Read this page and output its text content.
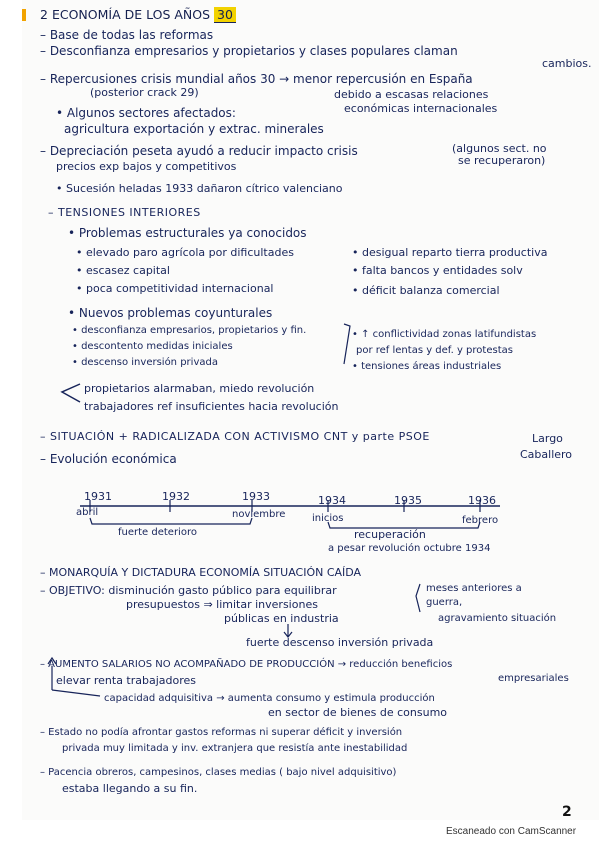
2 ECONOMÍA DE LOS AÑOS 30
– Base de todas las reformas
– Desconfianza empresarios y propietarios y clases populares claman
cambios.
– Repercusiones crisis mundial años 30 → menor repercusión en España
(posterior crack 29)	debido a escasas relaciones
económicas internacionales
• Algunos sectores afectados:
agricultura exportación y extrac. minerales
– Depreciación peseta ayudó a reducir impacto crisis	(algunos sect. no
precios exp bajos y competitivos	se recuperaron)
• Sucesión heladas 1933 dañaron cítrico valenciano
– TENSIONES INTERIORES
• Problemas estructurales ya conocidos
• elevado paro agrícola por dificultades	• desigual reparto tierra productiva
• escasez capital	• falta bancos y entidades solv
• poca competitividad internacional	• déficit balanza comercial
• Nuevos problemas coyunturales
• desconfianza empresarios, propietarios y fin.	• ↑ conflictividad zonas latifundistas
• descontento medidas iniciales	por ref lentas y def. y protestas
• descenso inversión privada	• tensiones áreas industriales
propietarios alarmaban, miedo revolución
trabajadores ref insuficientes hacia revolución
– SITUACIÓN + RADICALIZADA CON ACTIVISMO CNT y parte PSOE	Largo
– Evolución económica	Caballero
1931	1932	1933	1934	1935	1936
abril	noviembre	inicios	febrero
fuerte deterioro	recuperación
a pesar revolución octubre 1934
– MONARQUÍA Y DICTADURA ECONOMÍA SITUACIÓN CAÍDA
– OBJETIVO: disminución gasto público para equilibrar	meses anteriores a
presupuestos ⇒ limitar inversiones	guerra,
públicas en industria	agravamiento situación
fuerte descenso inversión privada
– AUMENTO SALARIOS NO ACOMPAÑADO DE PRODUCCIÓN → reducción beneficios
elevar renta trabajadores	empresariales
capacidad adquisitiva → aumenta consumo y estimula producción
en sector de bienes de consumo
– Estado no podía afrontar gastos reformas ni superar déficit y inversión
privada muy limitada y inv. extranjera que resistía ante inestabilidad
– Pacencia obreros, campesinos, clases medias ( bajo nivel adquisitivo)
estaba llegando a su fin.
2
Escaneado con CamScanner
